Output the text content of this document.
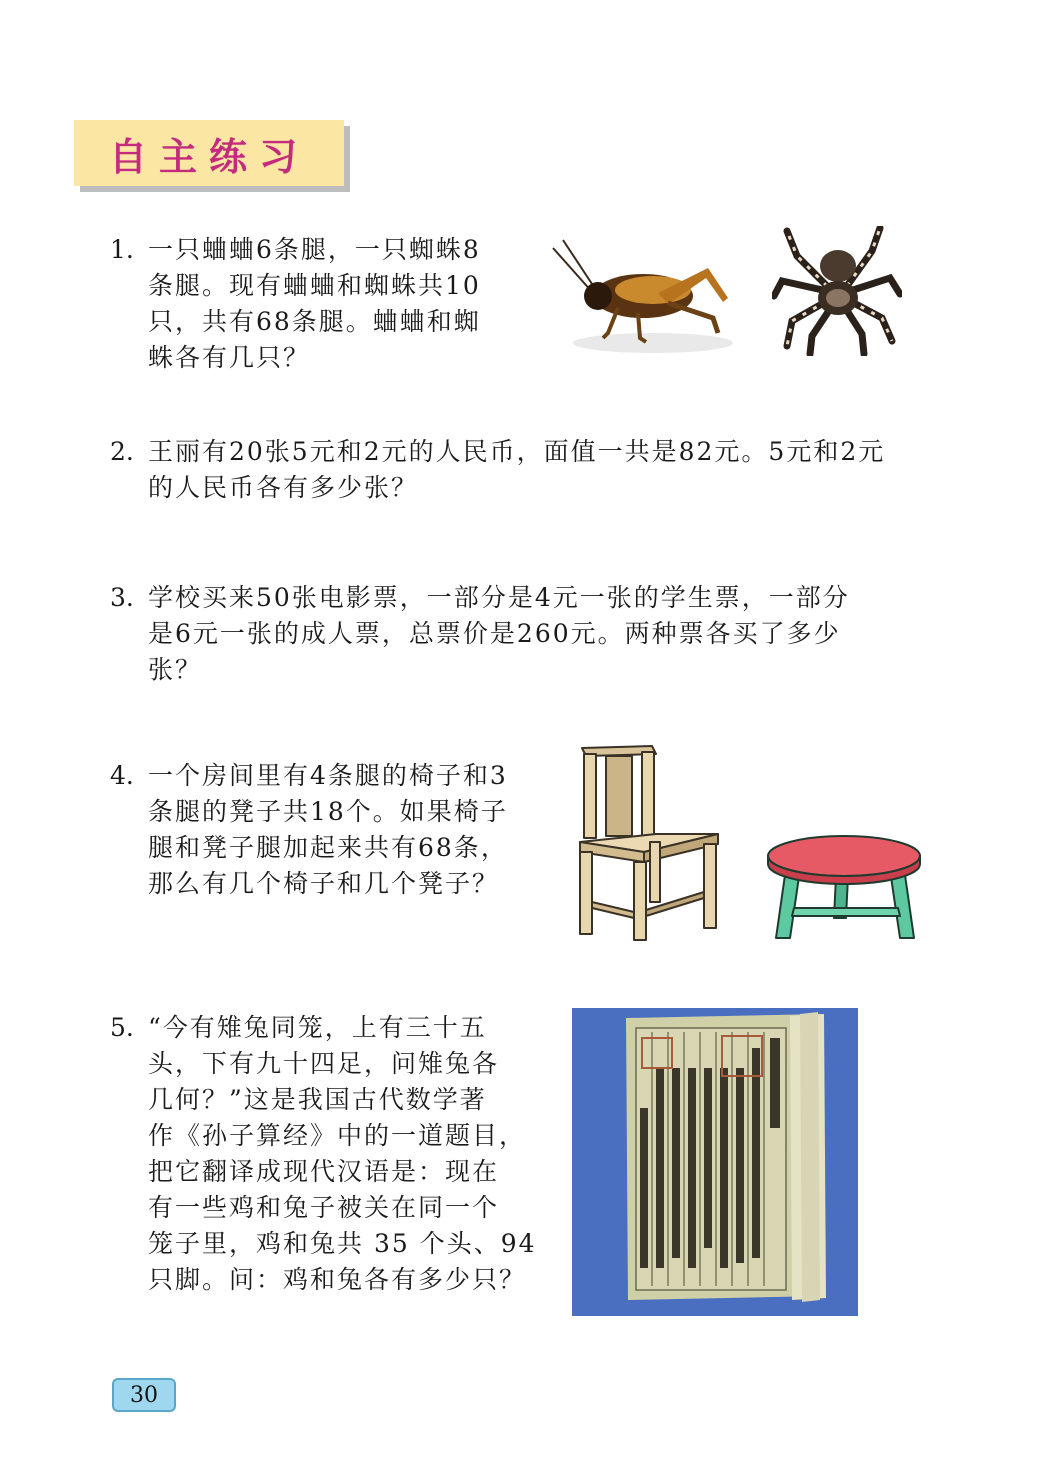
自主练习
1. 一只蛐蛐6条腿，一只蜘蛛8
条腿。现有蛐蛐和蜘蛛共10
只，共有68条腿。蛐蛐和蜘
蛛各有几只？
2. 王丽有20张5元和2元的人民币，面值一共是82元。5元和2元
的人民币各有多少张？
3. 学校买来50张电影票，一部分是4元一张的学生票，一部分
是6元一张的成人票，总票价是260元。两种票各买了多少
张？
4. 一个房间里有4条腿的椅子和3
条腿的凳子共18个。如果椅子
腿和凳子腿加起来共有68条，
那么有几个椅子和几个凳子？
5. “今有雉兔同笼，上有三十五
头，下有九十四足，问雉兔各
几何？”这是我国古代数学著
作《孙子算经》中的一道题目，
把它翻译成现代汉语是：现在
有一些鸡和兔子被关在同一个
笼子里，鸡和兔共 35 个头、94
只脚。问：鸡和兔各有多少只？
30
